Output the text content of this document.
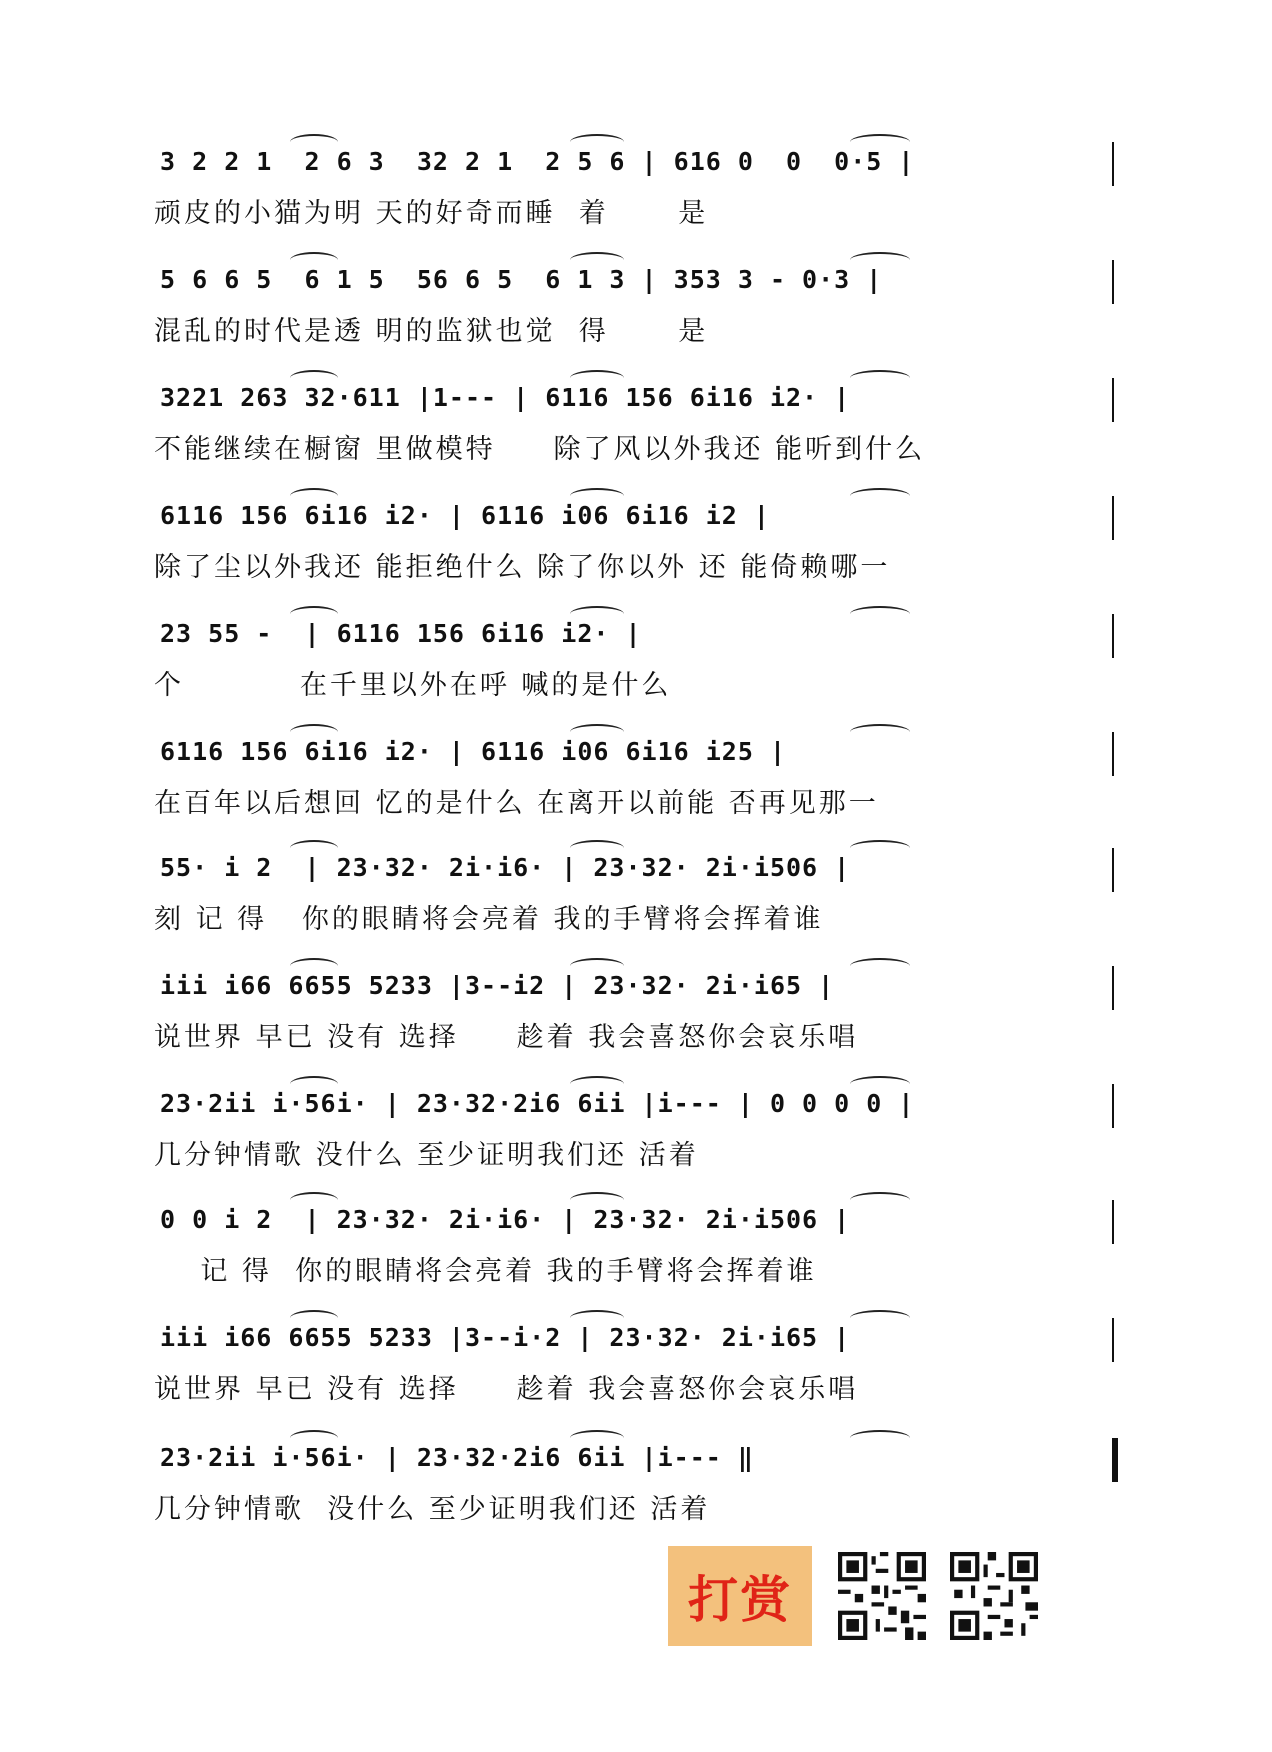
3 2 2 1  2 6 3  32 2 1  2 5 6 | 616 0  0  0·5 |
顽皮的小猫为明 天的好奇而睡  着      是
5 6 6 5  6 1 5  56 6 5  6 1 3 | 353 3 - 0·3 |
混乱的时代是透 明的监狱也觉  得      是
3221 263 32·611 |1--- | 6116 156 6i16 i2· |
不能继续在橱窗 里做模特     除了风以外我还 能听到什么
6116 156 6i16 i2· | 6116 i06 6i16 i2 |
除了尘以外我还 能拒绝什么 除了你以外 还 能倚赖哪一
23 55 -  | 6116 156 6i16 i2· |
个          在千里以外在呼 喊的是什么
6116 156 6i16 i2· | 6116 i06 6i16 i25 |
在百年以后想回 忆的是什么 在离开以前能 否再见那一
55· i 2  | 23·32· 2i·i6· | 23·32· 2i·i506 |
刻 记 得   你的眼睛将会亮着 我的手臂将会挥着谁
iii i66 6655 5233 |3--i2 | 23·32· 2i·i65 |
说世界 早已 没有 选择     趁着 我会喜怒你会哀乐唱
23·2ii i·56i· | 23·32·2i6 6ii |i--- | 0 0 0 0 |
几分钟情歌 没什么 至少证明我们还 活着
0 0 i 2  | 23·32· 2i·i6· | 23·32· 2i·i506 |
记 得  你的眼睛将会亮着 我的手臂将会挥着谁
iii i66 6655 5233 |3--i·2 | 23·32· 2i·i65 |
说世界 早已 没有 选择     趁着 我会喜怒你会哀乐唱
23·2ii i·56i· | 23·32·2i6 6ii |i--- ‖
几分钟情歌  没什么 至少证明我们还 活着
打赏
